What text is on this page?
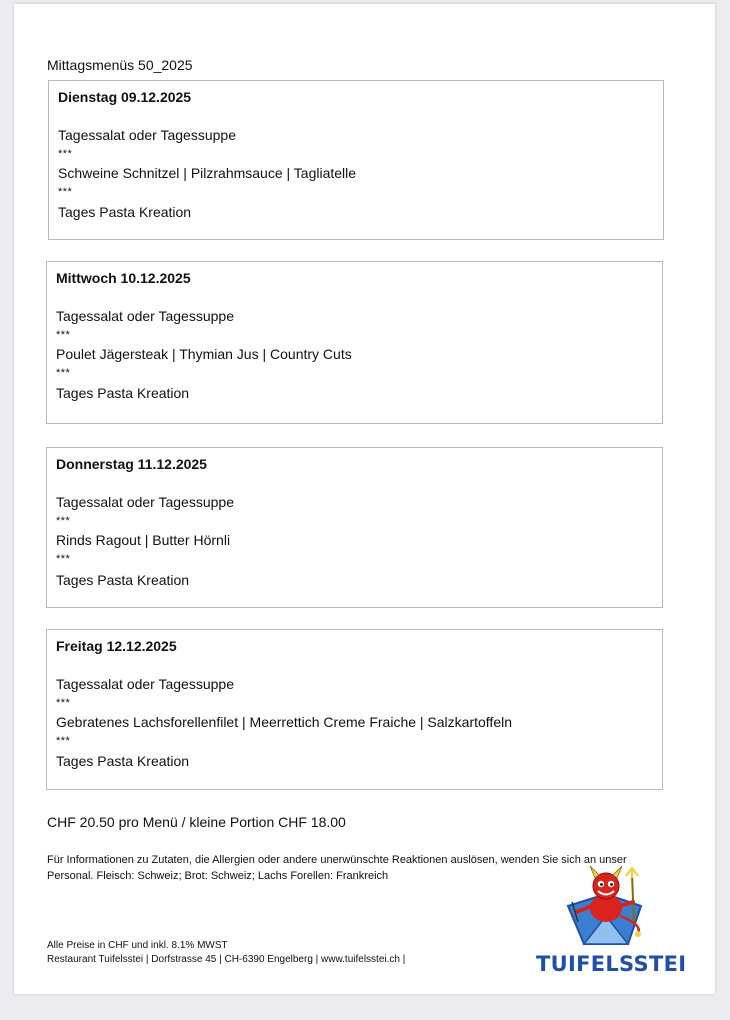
Mittagsmenüs 50_2025
Dienstag 09.12.2025
Tagessalat oder Tagessuppe
***
Schweine Schnitzel | Pilzrahmsauce | Tagliatelle
***
Tages Pasta Kreation
Mittwoch 10.12.2025
Tagessalat oder Tagessuppe
***
Poulet Jägersteak | Thymian Jus | Country Cuts
***
Tages Pasta Kreation
Donnerstag 11.12.2025
Tagessalat oder Tagessuppe
***
Rinds Ragout | Butter Hörnli
***
Tages Pasta Kreation
Freitag 12.12.2025
Tagessalat oder Tagessuppe
***
Gebratenes Lachsforellenfilet | Meerrettich Creme Fraiche | Salzkartoffeln
***
Tages Pasta Kreation
CHF 20.50 pro Menü / kleine Portion CHF 18.00
Für Informationen zu Zutaten, die Allergien oder andere unerwünschte Reaktionen auslösen, wenden Sie sich an unser
Personal. Fleisch: Schweiz; Brot: Schweiz; Lachs Forellen: Frankreich
Alle Preise in CHF und inkl. 8.1% MWST
Restaurant Tuifelsstei | Dorfstrasse 45 | CH-6390 Engelberg | www.tuifelsstei.ch |	TUIFELSSTEI
